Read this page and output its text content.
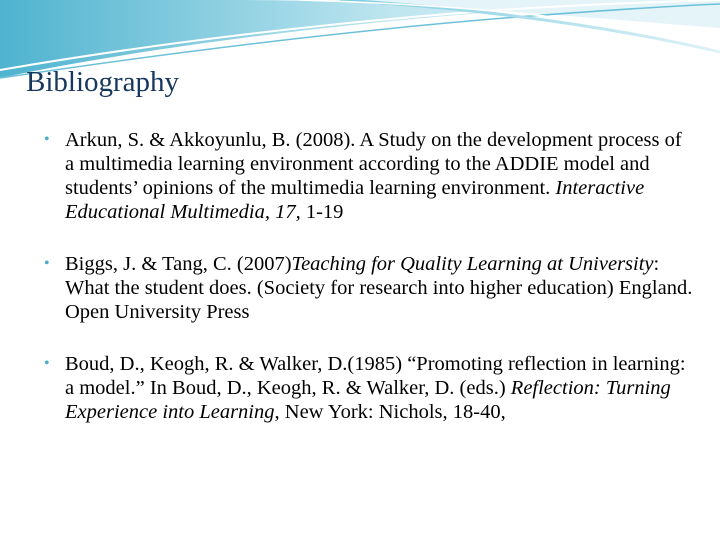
Bibliography
• Arkun, S. & Akkoyunlu, B. (2008). A Study on the development process of a multimedia learning environment according to the ADDIE model and students’ opinions of the multimedia learning environment. Interactive Educational Multimedia, 17, 1-19
• Biggs, J. & Tang, C. (2007)Teaching for Quality Learning at University: What the student does. (Society for research into higher education) England. Open University Press
• Boud, D., Keogh, R. & Walker, D.(1985) “Promoting reflection in learning: a model.” In Boud, D., Keogh, R. & Walker, D. (eds.) Reflection: Turning Experience into Learning, New York: Nichols, 18-40,
